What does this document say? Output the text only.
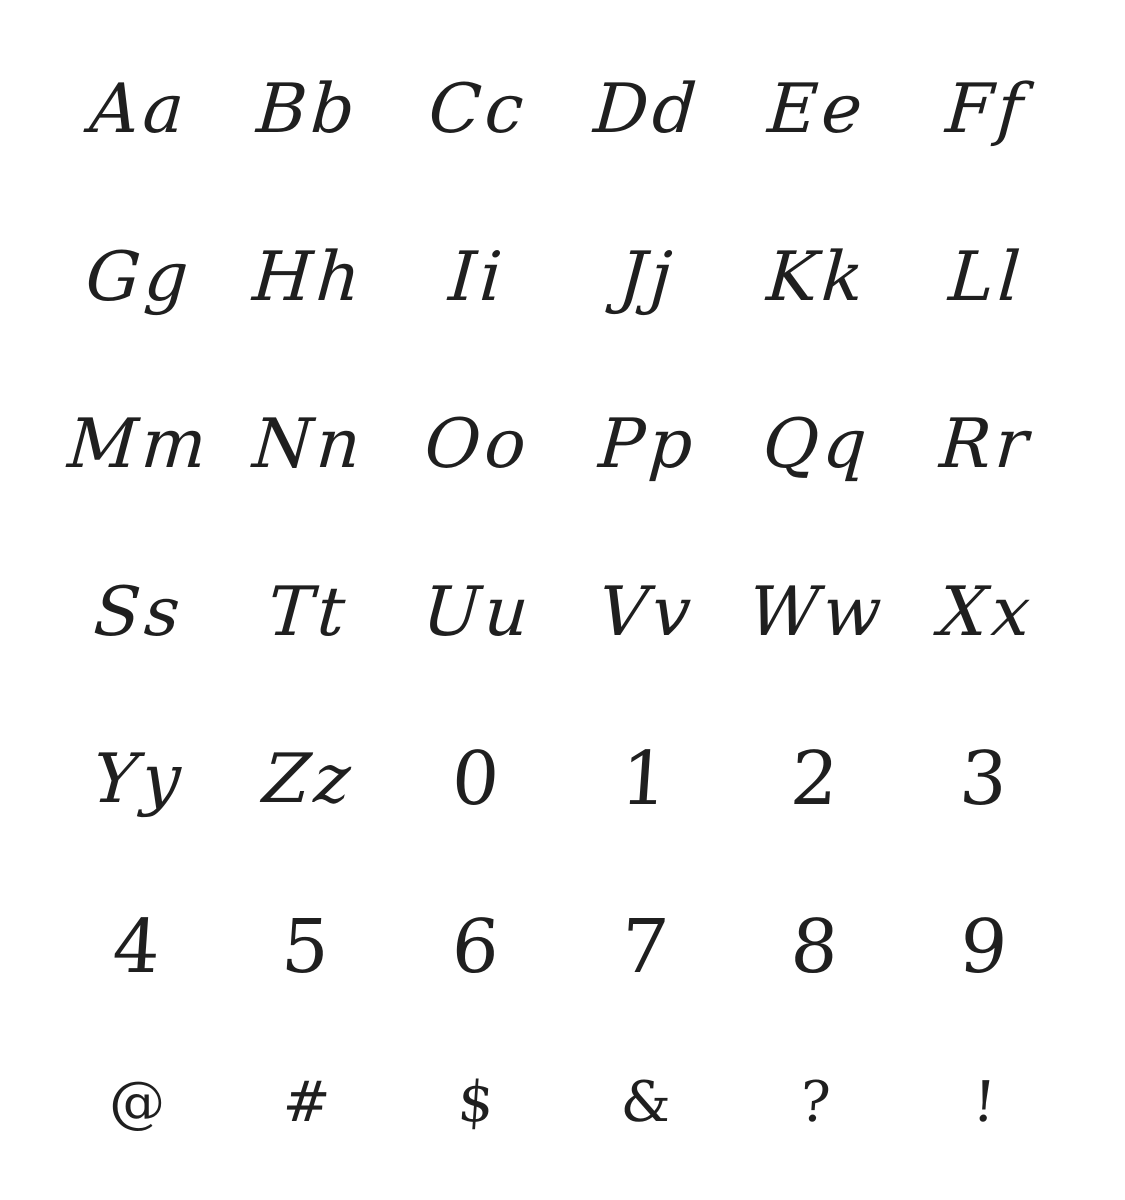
Aa Bb Cc Dd Ee Ff
Gg Hh Ii Jj Kk Ll
Mm Nn Oo Pp Qq Rr
Ss Tt Uu Vv Ww Xx
Yy Zz 0 1 2 3
4 5 6 7 8 9
@ # $ & ? !
